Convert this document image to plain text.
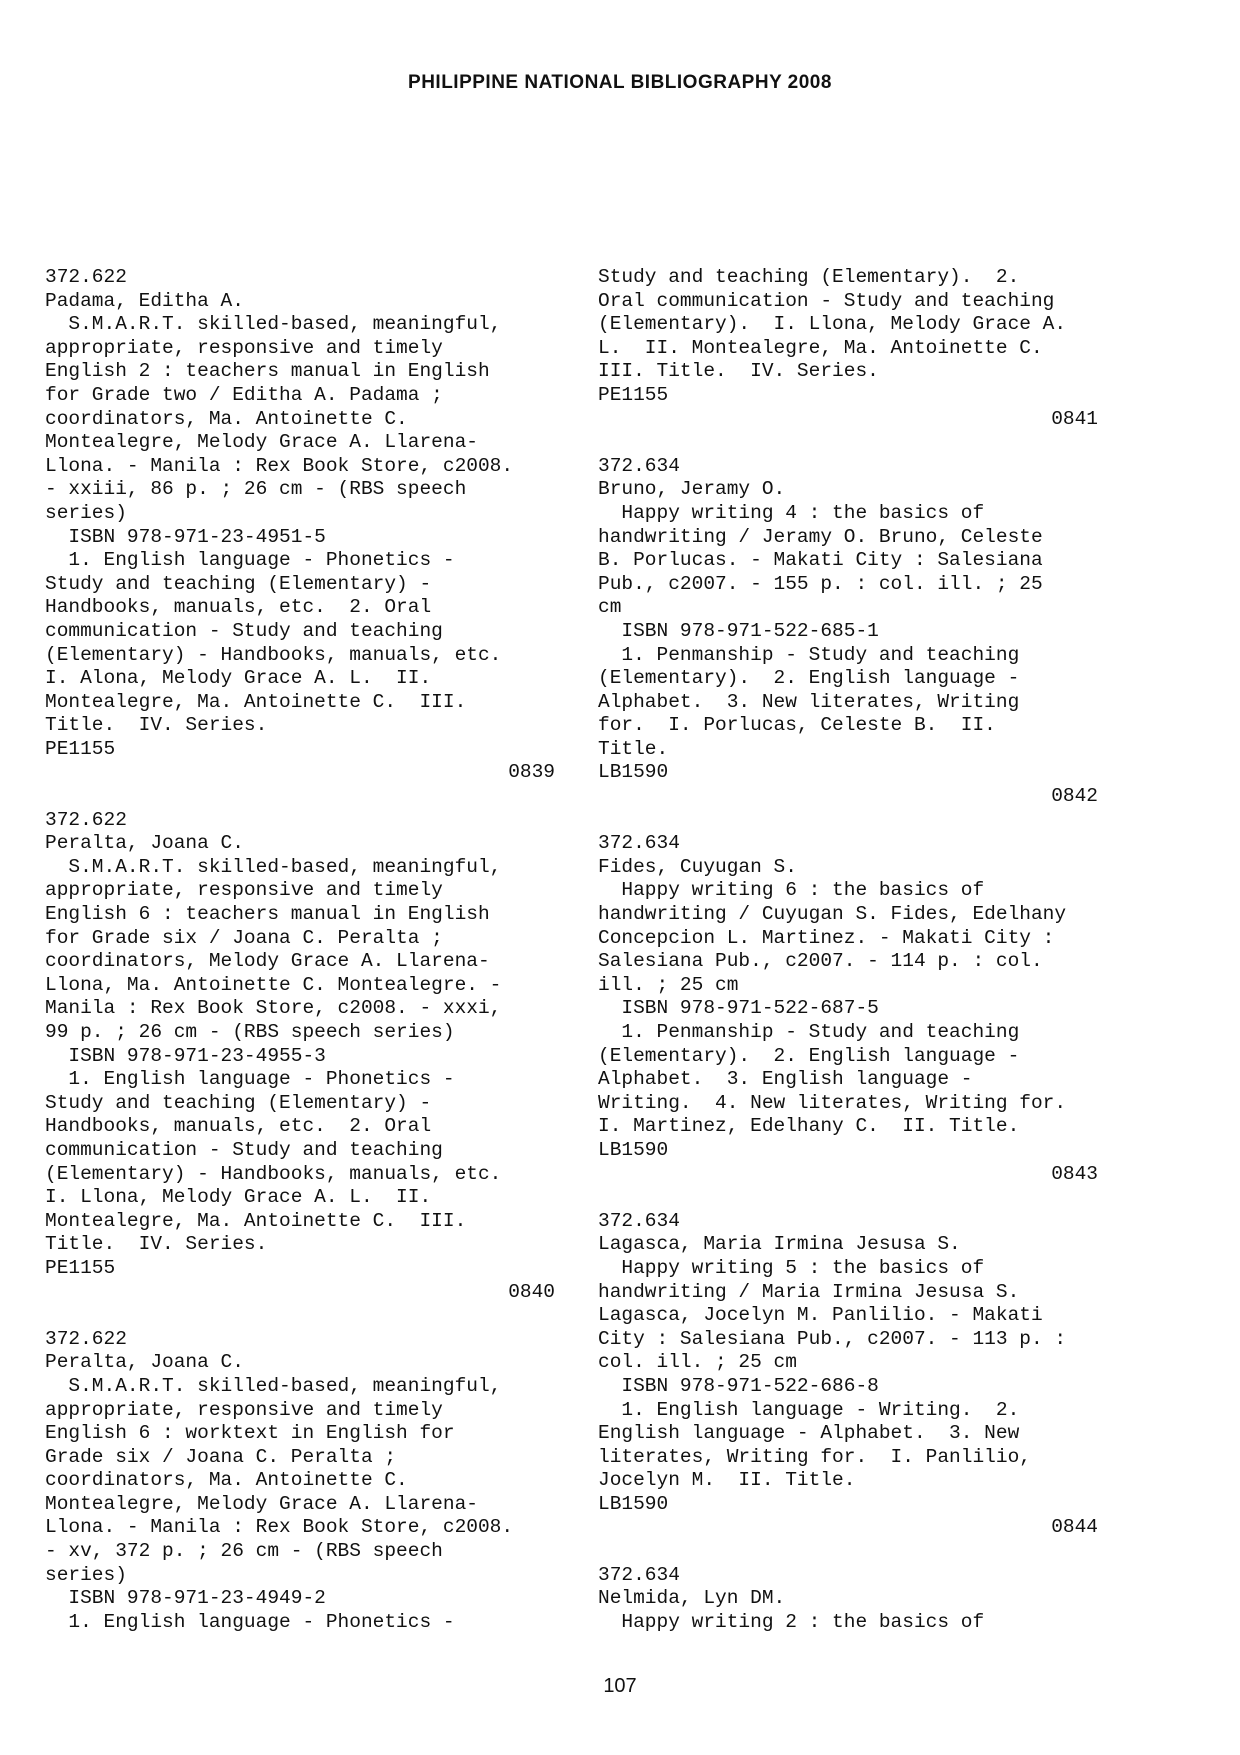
PHILIPPINE NATIONAL BIBLIOGRAPHY 2008
372.622
Padama, Editha A.
S.M.A.R.T. skilled-based, meaningful,
appropriate, responsive and timely
English 2 : teachers manual in English
for Grade two / Editha A. Padama ;
coordinators, Ma. Antoinette C.
Montealegre, Melody Grace A. Llarena-
Llona. - Manila : Rex Book Store, c2008.
- xxiii, 86 p. ; 26 cm - (RBS speech
series)
ISBN 978-971-23-4951-5
1. English language - Phonetics -
Study and teaching (Elementary) -
Handbooks, manuals, etc.  2. Oral
communication - Study and teaching
(Elementary) - Handbooks, manuals, etc.
I. Alona, Melody Grace A. L.  II.
Montealegre, Ma. Antoinette C.  III.
Title.  IV. Series.
PE1155
0839
372.622
Peralta, Joana C.
S.M.A.R.T. skilled-based, meaningful,
appropriate, responsive and timely
English 6 : teachers manual in English
for Grade six / Joana C. Peralta ;
coordinators, Melody Grace A. Llarena-
Llona, Ma. Antoinette C. Montealegre. -
Manila : Rex Book Store, c2008. - xxxi,
99 p. ; 26 cm - (RBS speech series)
ISBN 978-971-23-4955-3
1. English language - Phonetics -
Study and teaching (Elementary) -
Handbooks, manuals, etc.  2. Oral
communication - Study and teaching
(Elementary) - Handbooks, manuals, etc.
I. Llona, Melody Grace A. L.  II.
Montealegre, Ma. Antoinette C.  III.
Title.  IV. Series.
PE1155
0840
372.622
Peralta, Joana C.
S.M.A.R.T. skilled-based, meaningful,
appropriate, responsive and timely
English 6 : worktext in English for
Grade six / Joana C. Peralta ;
coordinators, Ma. Antoinette C.
Montealegre, Melody Grace A. Llarena-
Llona. - Manila : Rex Book Store, c2008.
- xv, 372 p. ; 26 cm - (RBS speech
series)
ISBN 978-971-23-4949-2
1. English language - Phonetics -
Study and teaching (Elementary).  2.
Oral communication - Study and teaching
(Elementary).  I. Llona, Melody Grace A.
L.  II. Montealegre, Ma. Antoinette C.
III. Title.  IV. Series.
PE1155
0841
372.634
Bruno, Jeramy O.
Happy writing 4 : the basics of
handwriting / Jeramy O. Bruno, Celeste
B. Porlucas. - Makati City : Salesiana
Pub., c2007. - 155 p. : col. ill. ; 25
cm
ISBN 978-971-522-685-1
1. Penmanship - Study and teaching
(Elementary).  2. English language -
Alphabet.  3. New literates, Writing
for.  I. Porlucas, Celeste B.  II.
Title.
LB1590
0842
372.634
Fides, Cuyugan S.
Happy writing 6 : the basics of
handwriting / Cuyugan S. Fides, Edelhany
Concepcion L. Martinez. - Makati City :
Salesiana Pub., c2007. - 114 p. : col.
ill. ; 25 cm
ISBN 978-971-522-687-5
1. Penmanship - Study and teaching
(Elementary).  2. English language -
Alphabet.  3. English language -
Writing.  4. New literates, Writing for.
I. Martinez, Edelhany C.  II. Title.
LB1590
0843
372.634
Lagasca, Maria Irmina Jesusa S.
Happy writing 5 : the basics of
handwriting / Maria Irmina Jesusa S.
Lagasca, Jocelyn M. Panlilio. - Makati
City : Salesiana Pub., c2007. - 113 p. :
col. ill. ; 25 cm
ISBN 978-971-522-686-8
1. English language - Writing.  2.
English language - Alphabet.  3. New
literates, Writing for.  I. Panlilio,
Jocelyn M.  II. Title.
LB1590
0844
372.634
Nelmida, Lyn DM.
Happy writing 2 : the basics of
107
